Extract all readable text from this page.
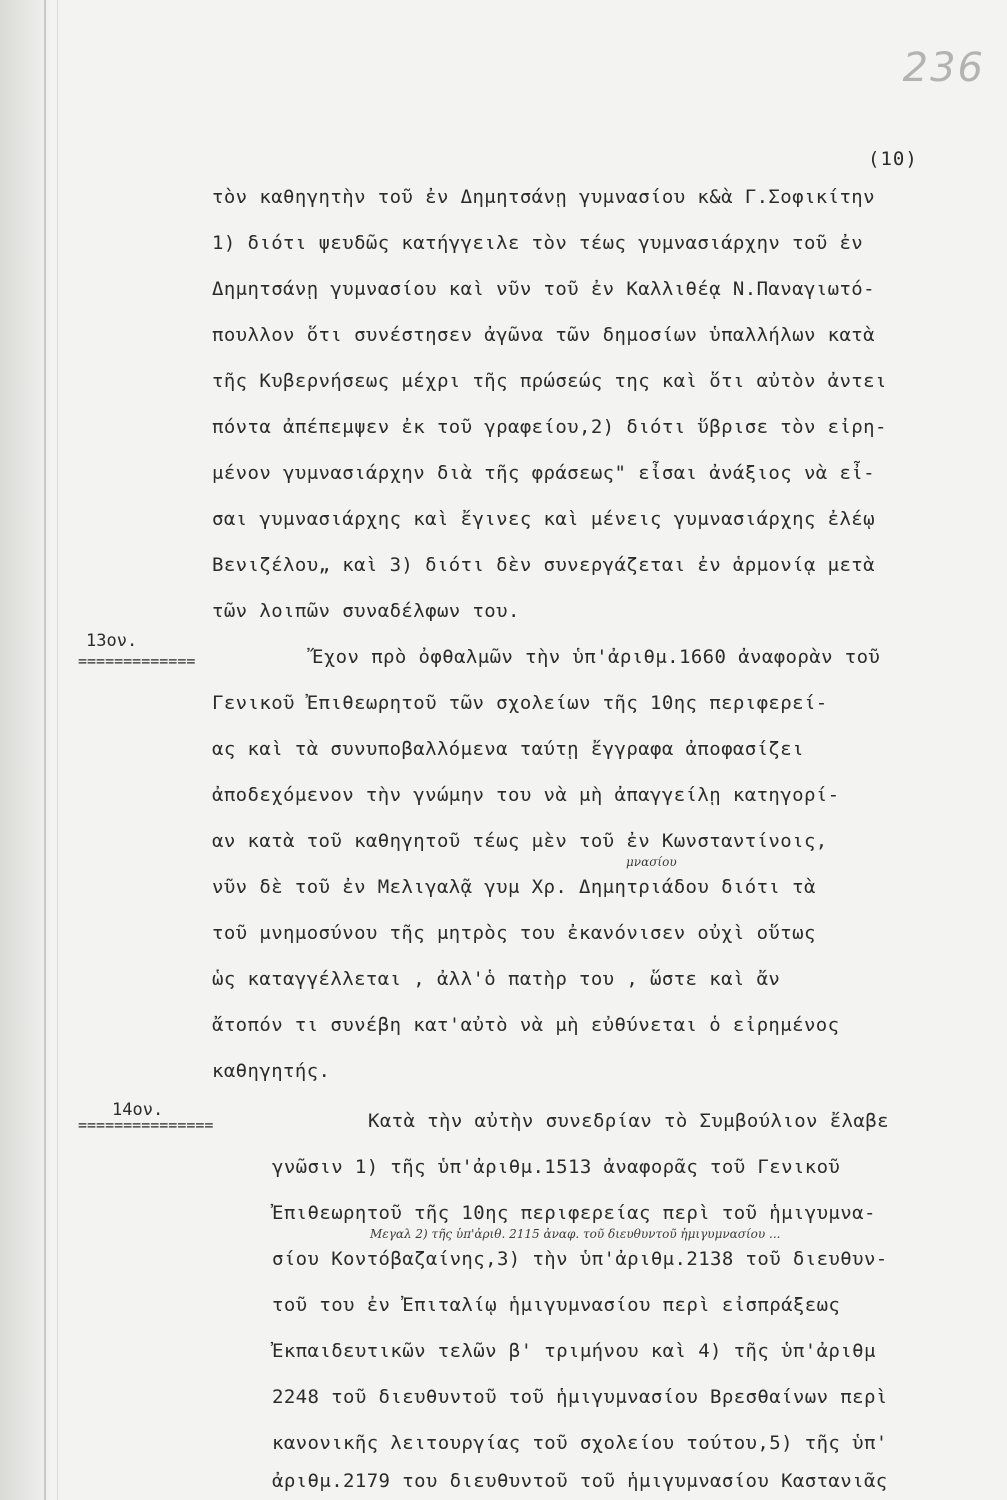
236
(10)
τὸν καθηγητὴν τοῦ ἐν Δημητσάνῃ γυμνασίου κ&ὰ Γ.Σοφικίτην
1) διότι ψευδῶς κατήγγειλε τὸν τέως γυμνασιάρχην τοῦ ἐν
Δημητσάνῃ γυμνασίου καὶ νῦν τοῦ ἐν Καλλιθέᾳ Ν.Παναγιωτό-
πουλλον ὅτι συνέστησεν ἀγῶνα τῶν δημοσίων ὑπαλλήλων κατὰ
τῆς Κυβερνήσεως μέχρι τῆς πρώσεώς της καὶ ὅτι αὐτὸν ἀντει
πόντα ἀπέπεμψεν ἐκ τοῦ γραφείου,2) διότι ὕβρισε τὸν εἰρη-
μένον γυμνασιάρχην διὰ τῆς φράσεως" εἶσαι ἀνάξιος νὰ εἶ-
σαι γυμνασιάρχης καὶ ἔγινες καὶ μένεις γυμνασιάρχης ἐλέῳ
Βενιζέλου„ καὶ 3) διότι δὲν συνεργάζεται ἐν ἁρμονίᾳ μετὰ
τῶν λοιπῶν συναδέλφων του.
13ον.
=============	Ἔχον πρὸ ὀφθαλμῶν τὴν ὑπ'ἀριθμ.1660 ἀναφορὰν τοῦ
Γενικοῦ Ἐπιθεωρητοῦ τῶν σχολείων τῆς 10ης περιφερεί-
ας καὶ τὰ συνυποβαλλόμενα ταύτῃ ἔγγραφα ἀποφασίζει
ἀποδεχόμενον τὴν γνώμην του νὰ μὴ ἀπαγγείλῃ κατηγορί-
αν κατὰ τοῦ καθηγητοῦ τέως μὲν τοῦ ἐν Κωνσταντίνοις,
μνασίου
νῦν δὲ τοῦ ἐν Μελιγαλᾷ γυμ Χρ. Δημητριάδου διότι τὰ
τοῦ μνημοσύνου τῆς μητρὸς του ἐκανόνισεν οὐχὶ οὕτως
ὡς καταγγέλλεται , ἀλλ'ὁ πατὴρ του , ὥστε καὶ ἄν
ἄτοπόν τι συνέβη κατ'αὐτὸ νὰ μὴ εὐθύνεται ὁ εἰρημένος
καθηγητής.
14ον.
===============	Κατὰ τὴν αὐτὴν συνεδρίαν τὸ Συμβούλιον ἔλαβε
γνῶσιν 1) τῆς ὑπ'ἀριθμ.1513 ἀναφορᾶς τοῦ Γενικοῦ
Ἐπιθεωρητοῦ τῆς 10ης περιφερείας περὶ τοῦ ἡμιγυμνα-
Μεγαλ 2) τῆς ὑπ'ἀριθ. 2115 ἀναφ. τοῦ διευθυντοῦ ἡμιγυμνασίου ...
σίου Κοντόβαζαίνης,3) τὴν ὑπ'ἀριθμ.2138 τοῦ διευθυν-
τοῦ του ἐν Ἐπιταλίῳ ἡμιγυμνασίου περὶ εἰσπράξεως
Ἐκπαιδευτικῶν τελῶν β' τριμήνου καὶ 4) τῆς ὑπ'ἀριθμ
2248 τοῦ διευθυντοῦ τοῦ ἡμιγυμνασίου Βρεσθαίνων περὶ
κανονικῆς λειτουργίας τοῦ σχολείου τούτου,5) τῆς ὑπ'
ἀριθμ.2179 του διευθυντοῦ τοῦ ἡμιγυμνασίου Καστανιᾶς
